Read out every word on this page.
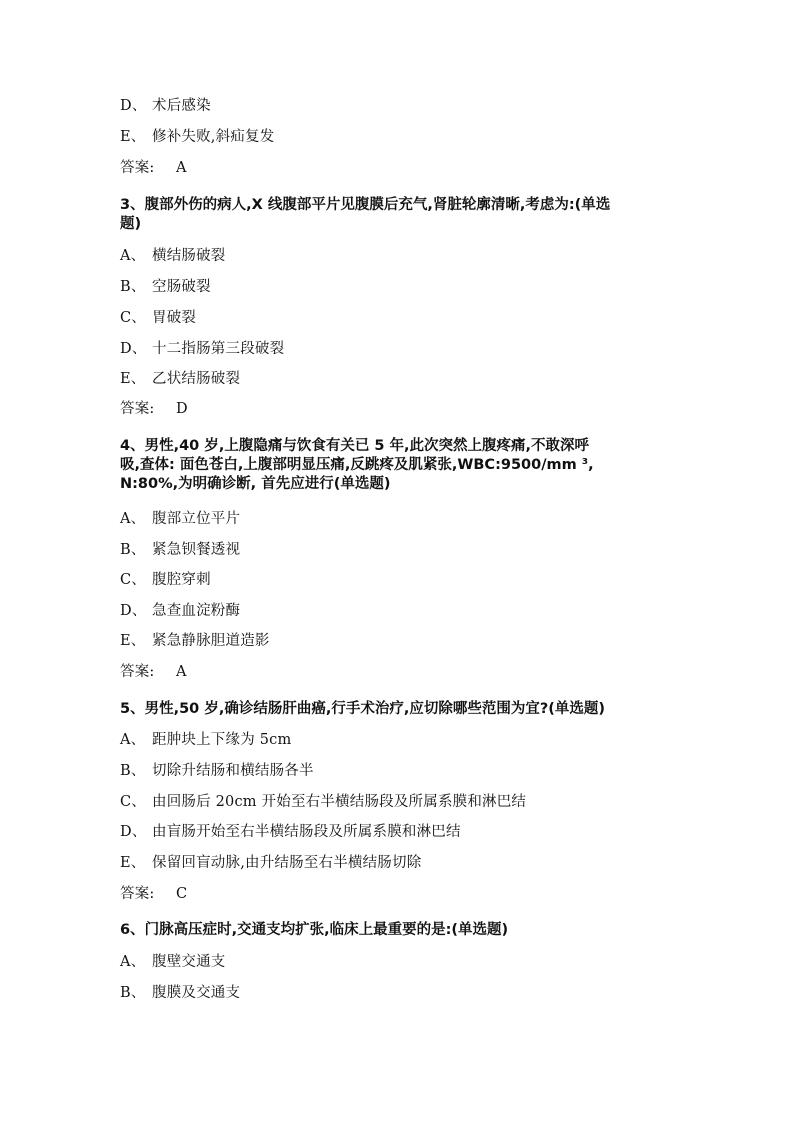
D、 术后感染
E、 修补失败,斜疝复发
答案: A
3、腹部外伤的病人,X 线腹部平片见腹膜后充气,肾脏轮廓清晰,考虑为:(单选
题)
A、 横结肠破裂
B、 空肠破裂
C、 胃破裂
D、 十二指肠第三段破裂
E、 乙状结肠破裂
答案: D
4、男性,40 岁,上腹隐痛与饮食有关已 5 年,此次突然上腹疼痛,不敢深呼
吸,查体: 面色苍白,上腹部明显压痛,反跳疼及肌紧张,WBC:9500/mm ³,
N:80%,为明确诊断, 首先应进行(单选题)
A、 腹部立位平片
B、 紧急钡餐透视
C、 腹腔穿刺
D、 急查血淀粉酶
E、 紧急静脉胆道造影
答案: A
5、男性,50 岁,确诊结肠肝曲癌,行手术治疗,应切除哪些范围为宜?(单选题)
A、 距肿块上下缘为 5cm
B、 切除升结肠和横结肠各半
C、 由回肠后 20cm 开始至右半横结肠段及所属系膜和淋巴结
D、 由盲肠开始至右半横结肠段及所属系膜和淋巴结
E、 保留回盲动脉,由升结肠至右半横结肠切除
答案: C
6、门脉高压症时,交通支均扩张,临床上最重要的是:(单选题)
A、 腹壁交通支
B、 腹膜及交通支
